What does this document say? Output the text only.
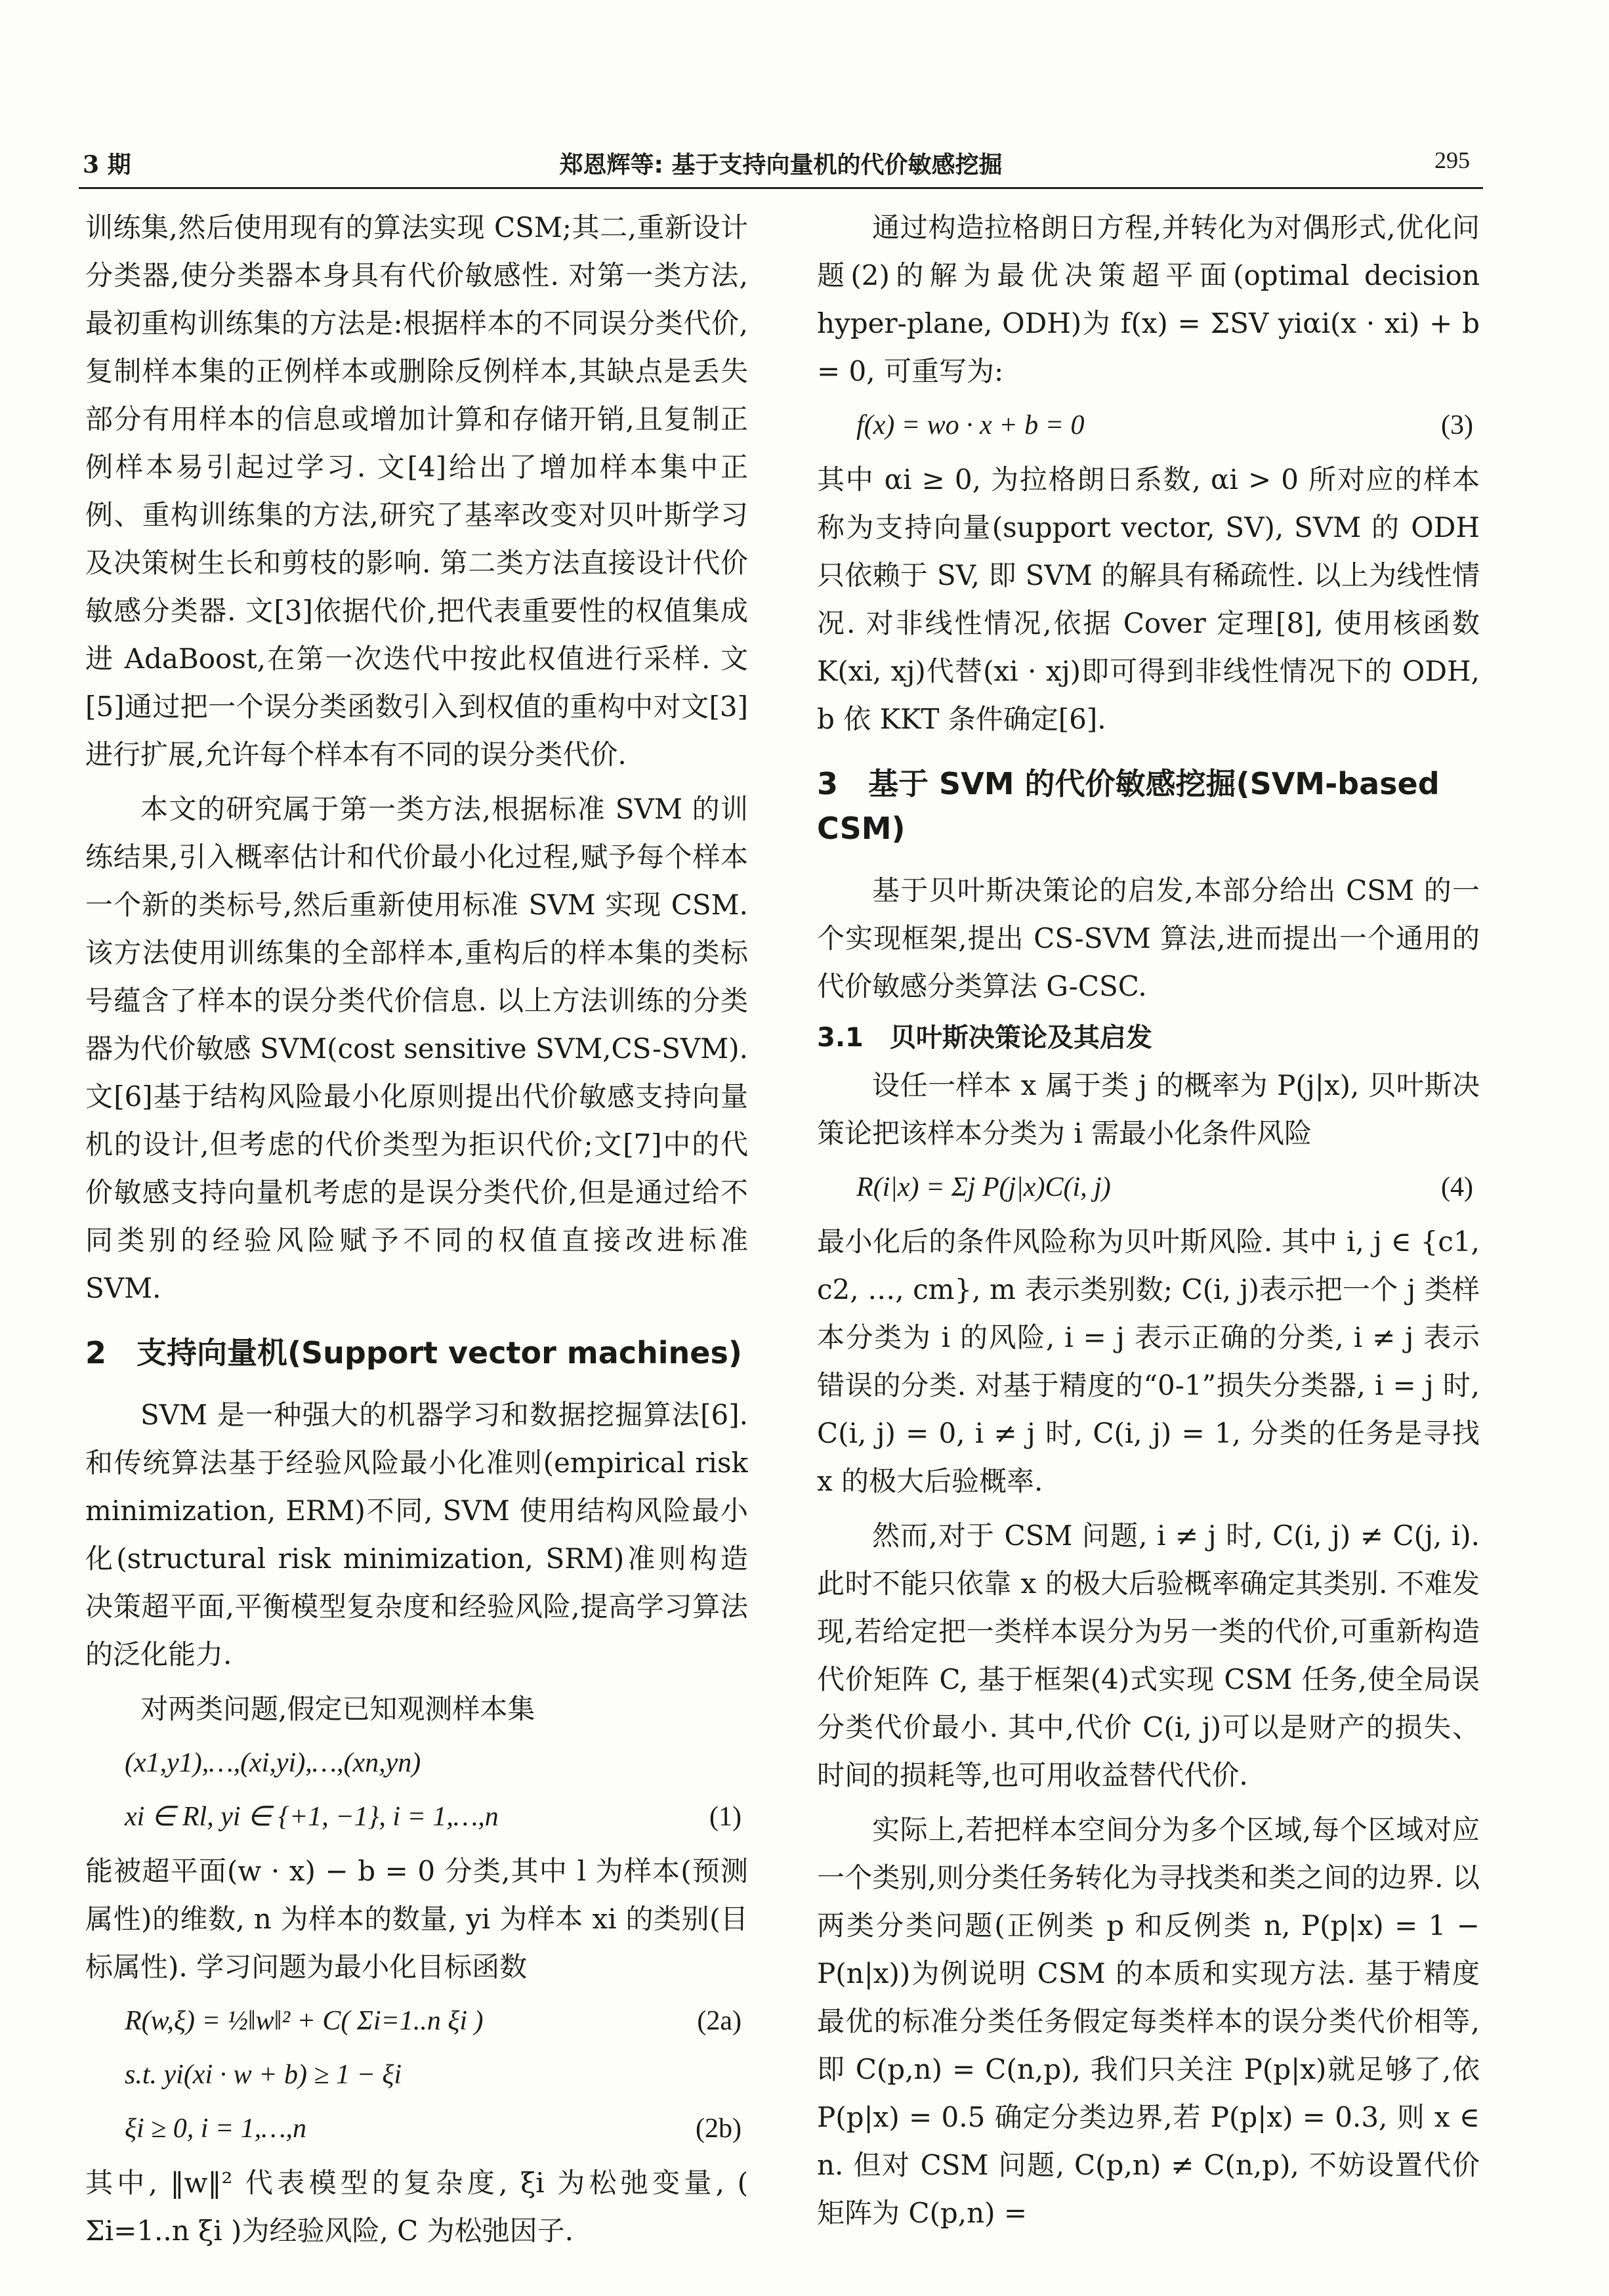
3 期	郑恩辉等: 基于支持向量机的代价敏感挖掘	295

训练集,然后使用现有的算法实现 CSM;其二,重新设计分类器,使分类器本身具有代价敏感性. 对第一类方法,最初重构训练集的方法是:根据样本的不同误分类代价,复制样本集的正例样本或删除反例样本,其缺点是丢失部分有用样本的信息或增加计算和存储开销,且复制正例样本易引起过学习. 文[4]给出了增加样本集中正例、重构训练集的方法,研究了基率改变对贝叶斯学习及决策树生长和剪枝的影响. 第二类方法直接设计代价敏感分类器. 文[3]依据代价,把代表重要性的权值集成进 AdaBoost,在第一次迭代中按此权值进行采样. 文[5]通过把一个误分类函数引入到权值的重构中对文[3]进行扩展,允许每个样本有不同的误分类代价.

本文的研究属于第一类方法,根据标准 SVM 的训练结果,引入概率估计和代价最小化过程,赋予每个样本一个新的类标号,然后重新使用标准 SVM 实现 CSM. 该方法使用训练集的全部样本,重构后的样本集的类标号蕴含了样本的误分类代价信息. 以上方法训练的分类器为代价敏感 SVM(cost sensitive SVM,CS-SVM). 文[6]基于结构风险最小化原则提出代价敏感支持向量机的设计,但考虑的代价类型为拒识代价;文[7]中的代价敏感支持向量机考虑的是误分类代价,但是通过给不同类别的经验风险赋予不同的权值直接改进标准 SVM.

2　支持向量机(Support vector machines)

SVM 是一种强大的机器学习和数据挖掘算法[6]. 和传统算法基于经验风险最小化准则(empirical risk minimization, ERM)不同, SVM 使用结构风险最小化(structural risk minimization, SRM)准则构造决策超平面,平衡模型复杂度和经验风险,提高学习算法的泛化能力.

对两类问题,假定已知观测样本集

(x1,y1),…,(xi,yi),…,(xn,yn)
xi ∈ Rl, yi ∈ {+1, −1}, i = 1,…,n	(1)

能被超平面(w · x) − b = 0 分类,其中 l 为样本(预测属性)的维数, n 为样本的数量, yi 为样本 xi 的类别(目标属性). 学习问题为最小化目标函数

R(w,ξ) = ½‖w‖² + C( Σi=1..n ξi )	(2a)
s.t. yi(xi · w + b) ≥ 1 − ξi
ξi ≥ 0, i = 1,…,n	(2b)

其中, ‖w‖² 代表模型的复杂度, ξi 为松弛变量, ( Σi=1..n ξi )为经验风险, C 为松弛因子.

通过构造拉格朗日方程,并转化为对偶形式,优化问题(2)的解为最优决策超平面(optimal decision hyper-plane, ODH)为 f(x) = ΣSV yiαi(x · xi) + b = 0, 可重写为:

f(x) = wo · x + b = 0	(3)

其中 αi ≥ 0, 为拉格朗日系数, αi > 0 所对应的样本称为支持向量(support vector, SV), SVM 的 ODH 只依赖于 SV, 即 SVM 的解具有稀疏性. 以上为线性情况. 对非线性情况,依据 Cover 定理[8], 使用核函数 K(xi, xj)代替(xi · xj)即可得到非线性情况下的 ODH, b 依 KKT 条件确定[6].

3　基于 SVM 的代价敏感挖掘(SVM-based CSM)

基于贝叶斯决策论的启发,本部分给出 CSM 的一个实现框架,提出 CS-SVM 算法,进而提出一个通用的代价敏感分类算法 G-CSC.

3.1　贝叶斯决策论及其启发

设任一样本 x 属于类 j 的概率为 P(j|x), 贝叶斯决策论把该样本分类为 i 需最小化条件风险

R(i|x) = Σj P(j|x)C(i, j)	(4)

最小化后的条件风险称为贝叶斯风险. 其中 i, j ∈ {c1, c2, …, cm}, m 表示类别数; C(i, j)表示把一个 j 类样本分类为 i 的风险, i = j 表示正确的分类, i ≠ j 表示错误的分类. 对基于精度的“0-1”损失分类器, i = j 时, C(i, j) = 0, i ≠ j 时, C(i, j) = 1, 分类的任务是寻找 x 的极大后验概率.

然而,对于 CSM 问题, i ≠ j 时, C(i, j) ≠ C(j, i). 此时不能只依靠 x 的极大后验概率确定其类别. 不难发现,若给定把一类样本误分为另一类的代价,可重新构造代价矩阵 C, 基于框架(4)式实现 CSM 任务,使全局误分类代价最小. 其中,代价 C(i, j)可以是财产的损失、时间的损耗等,也可用收益替代代价.

实际上,若把样本空间分为多个区域,每个区域对应一个类别,则分类任务转化为寻找类和类之间的边界. 以两类分类问题(正例类 p 和反例类 n, P(p|x) = 1 − P(n|x))为例说明 CSM 的本质和实现方法. 基于精度最优的标准分类任务假定每类样本的误分类代价相等,即 C(p,n) = C(n,p), 我们只关注 P(p|x)就足够了,依 P(p|x) = 0.5 确定分类边界,若 P(p|x) = 0.3, 则 x ∈ n. 但对 CSM 问题, C(p,n) ≠ C(n,p), 不妨设置代价矩阵为 C(p,n) =
